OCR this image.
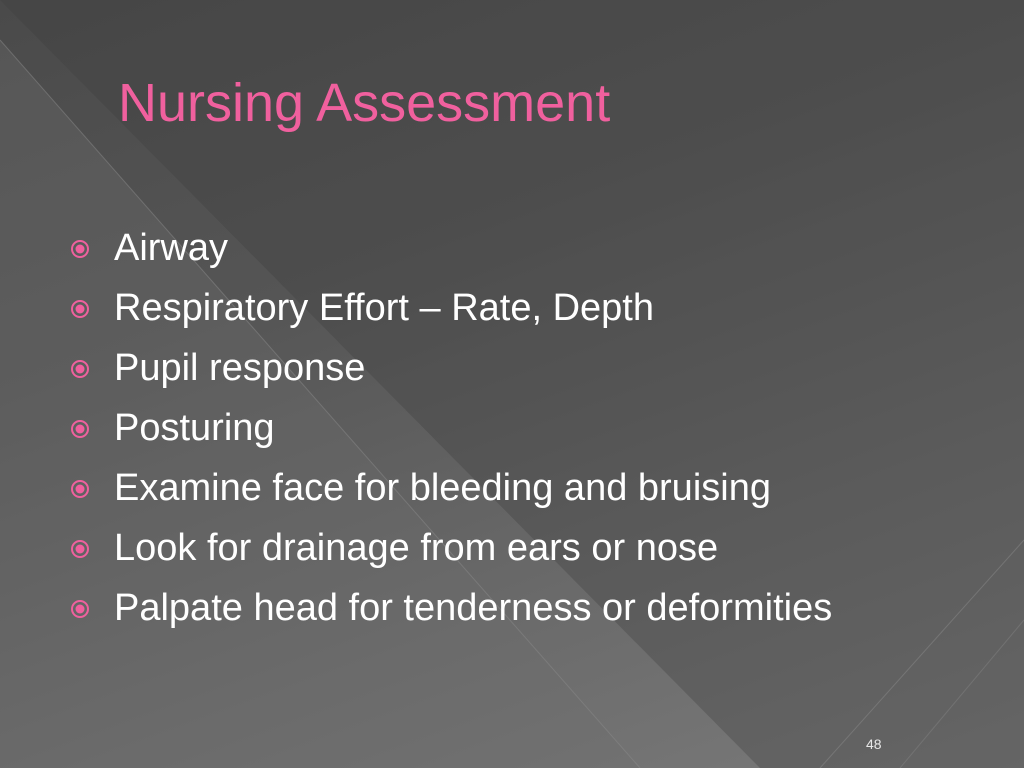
Nursing Assessment
Airway
Respiratory Effort – Rate, Depth
Pupil response
Posturing
Examine face for bleeding and bruising
Look for drainage from ears or nose
Palpate head for tenderness or deformities
48
